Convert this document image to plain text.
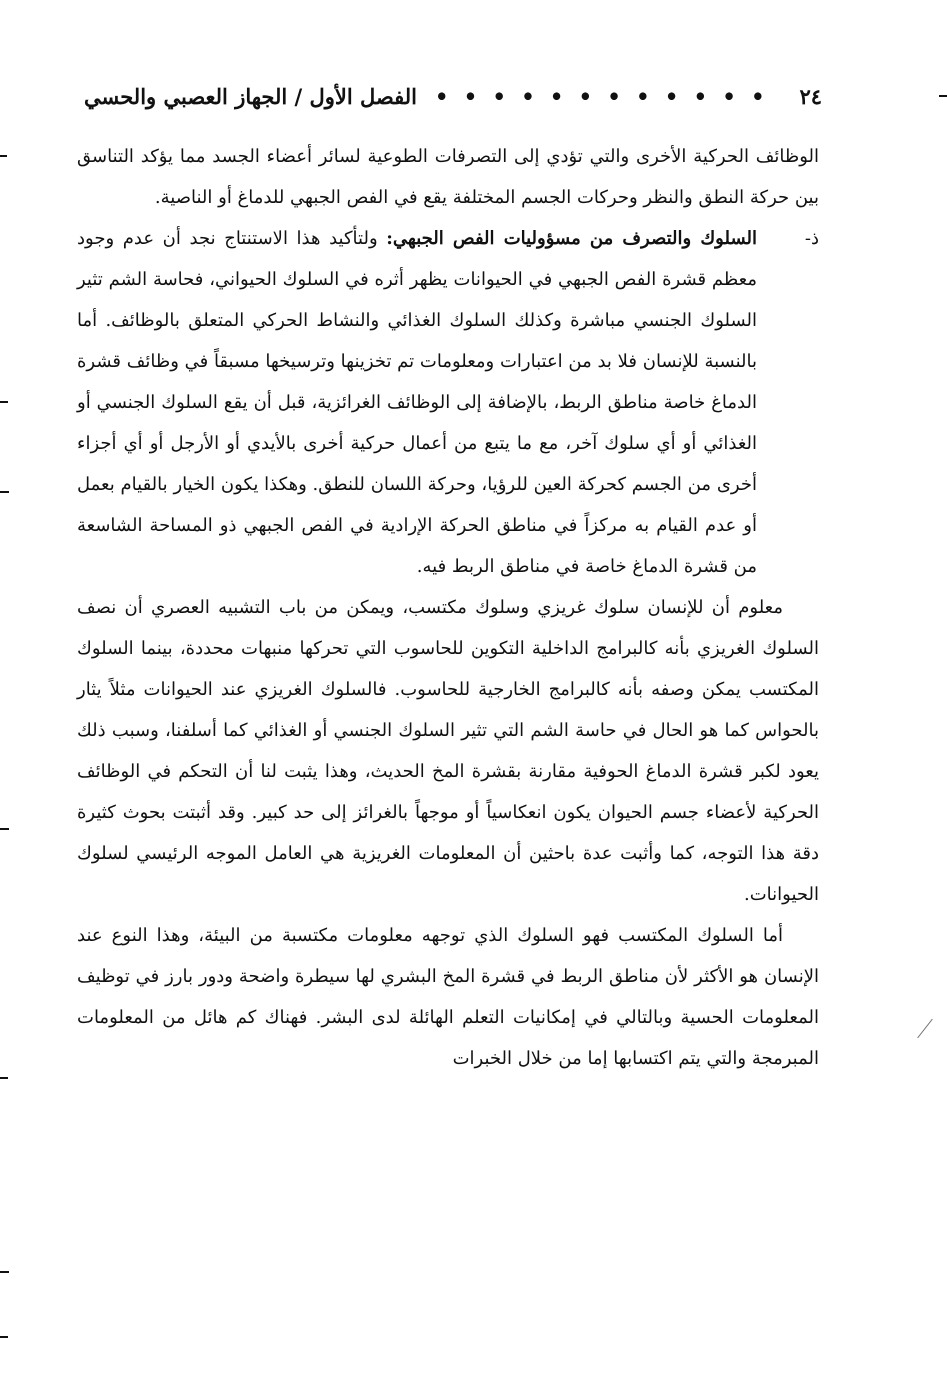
٢٤
• • • • • • • • • • • •
الفصل الأول / الجهاز العصبي والحسي

الوظائف الحركية الأخرى والتي تؤدي إلى التصرفات الطوعية لسائر أعضاء الجسد مما يؤكد التناسق بين حركة النطق والنظر وحركات الجسم المختلفة يقع في الفص الجبهي للدماغ أو الناصية.

ذ-
السلوك والتصرف من مسؤوليات الفص الجبهي: ولتأكيد هذا الاستنتاج نجد أن عدم وجود معظم قشرة الفص الجبهي في الحيوانات يظهر أثره في السلوك الحيواني، فحاسة الشم تثير السلوك الجنسي مباشرة وكذلك السلوك الغذائي والنشاط الحركي المتعلق بالوظائف. أما بالنسبة للإنسان فلا بد من اعتبارات ومعلومات تم تخزينها وترسيخها مسبقاً في وظائف قشرة الدماغ خاصة مناطق الربط، بالإضافة إلى الوظائف الغرائزية، قبل أن يقع السلوك الجنسي أو الغذائي أو أي سلوك آخر، مع ما يتبع من أعمال حركية أخرى بالأيدي أو الأرجل أو أي أجزاء أخرى من الجسم كحركة العين للرؤيا، وحركة اللسان للنطق. وهكذا يكون الخيار بالقيام بعمل أو عدم القيام به مركزاً في مناطق الحركة الإرادية في الفص الجبهي ذو المساحة الشاسعة من قشرة الدماغ خاصة في مناطق الربط فيه.

معلوم أن للإنسان سلوك غريزي وسلوك مكتسب، ويمكن من باب التشبيه العصري أن نصف السلوك الغريزي بأنه كالبرامج الداخلية التكوين للحاسوب التي تحركها منبهات محددة، بينما السلوك المكتسب يمكن وصفه بأنه كالبرامج الخارجية للحاسوب. فالسلوك الغريزي عند الحيوانات مثلاً يثار بالحواس كما هو الحال في حاسة الشم التي تثير السلوك الجنسي أو الغذائي كما أسلفنا، وسبب ذلك يعود لكبر قشرة الدماغ الحوفية مقارنة بقشرة المخ الحديث، وهذا يثبت لنا أن التحكم في الوظائف الحركية لأعضاء جسم الحيوان يكون انعكاسياً أو موجهاً بالغرائز إلى حد كبير. وقد أثبتت بحوث كثيرة دقة هذا التوجه، كما وأثبت عدة باحثين أن المعلومات الغريزية هي العامل الموجه الرئيسي لسلوك الحيوانات.

أما السلوك المكتسب فهو السلوك الذي توجهه معلومات مكتسبة من البيئة، وهذا النوع عند الإنسان هو الأكثر لأن مناطق الربط في قشرة المخ البشري لها سيطرة واضحة ودور بارز في توظيف المعلومات الحسية وبالتالي في إمكانيات التعلم الهائلة لدى البشر. فهناك كم هائل من المعلومات المبرمجة والتي يتم اكتسابها إما من خلال الخبرات
